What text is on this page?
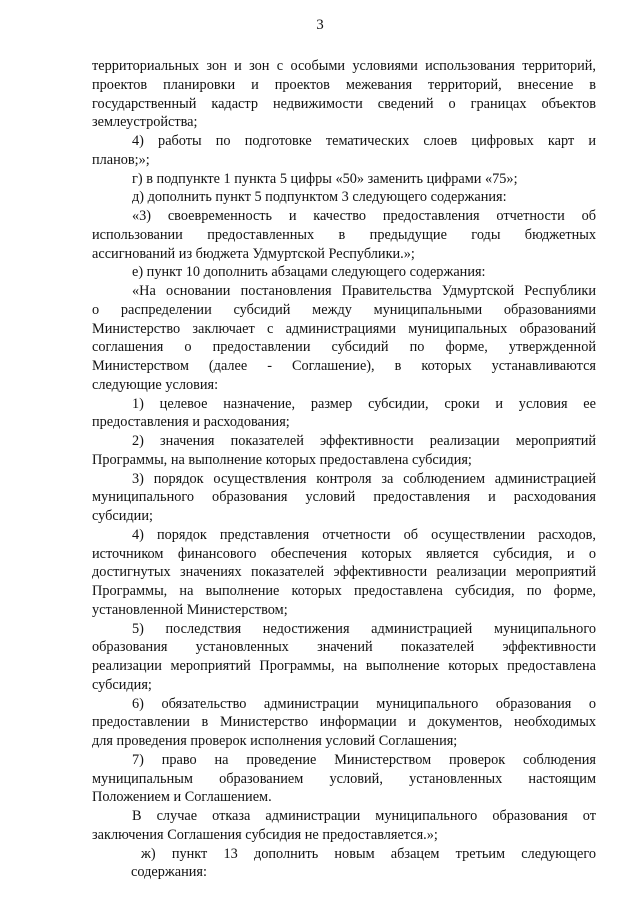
3
территориальных зон и зон с особыми условиями использования территорий,
проектов планировки и проектов межевания территорий, внесение в
государственный кадастр недвижимости сведений о границах объектов
землеустройства;
4) работы по подготовке тематических слоев цифровых карт и
планов;»;
г) в подпункте 1 пункта 5 цифры «50» заменить цифрами «75»;
д) дополнить пункт 5 подпунктом 3 следующего содержания:
«3) своевременность и качество предоставления отчетности об
использовании предоставленных в предыдущие годы бюджетных
ассигнований из бюджета Удмуртской Республики.»;
е) пункт 10 дополнить абзацами следующего содержания:
«На основании постановления Правительства Удмуртской Республики
о распределении субсидий между муниципальными образованиями
Министерство заключает с администрациями муниципальных образований
соглашения о предоставлении субсидий по форме, утвержденной
Министерством (далее - Соглашение), в которых устанавливаются
следующие условия:
1) целевое назначение, размер субсидии, сроки и условия ее
предоставления и расходования;
2) значения показателей эффективности реализации мероприятий
Программы, на выполнение которых предоставлена субсидия;
3) порядок осуществления контроля за соблюдением администрацией
муниципального образования условий предоставления и расходования
субсидии;
4) порядок представления отчетности об осуществлении расходов,
источником финансового обеспечения которых является субсидия, и о
достигнутых значениях показателей эффективности реализации мероприятий
Программы, на выполнение которых предоставлена субсидия, по форме,
установленной Министерством;
5) последствия недостижения администрацией муниципального
образования установленных значений показателей эффективности
реализации мероприятий Программы, на выполнение которых предоставлена
субсидия;
6) обязательство администрации муниципального образования о
предоставлении в Министерство информации и документов, необходимых
для проведения проверок исполнения условий Соглашения;
7) право на проведение Министерством проверок соблюдения
муниципальным образованием условий, установленных настоящим
Положением и Соглашением.
В случае отказа администрации муниципального образования от
заключения Соглашения субсидия не предоставляется.»;
ж) пункт 13 дополнить новым абзацем третьим следующего
содержания:
